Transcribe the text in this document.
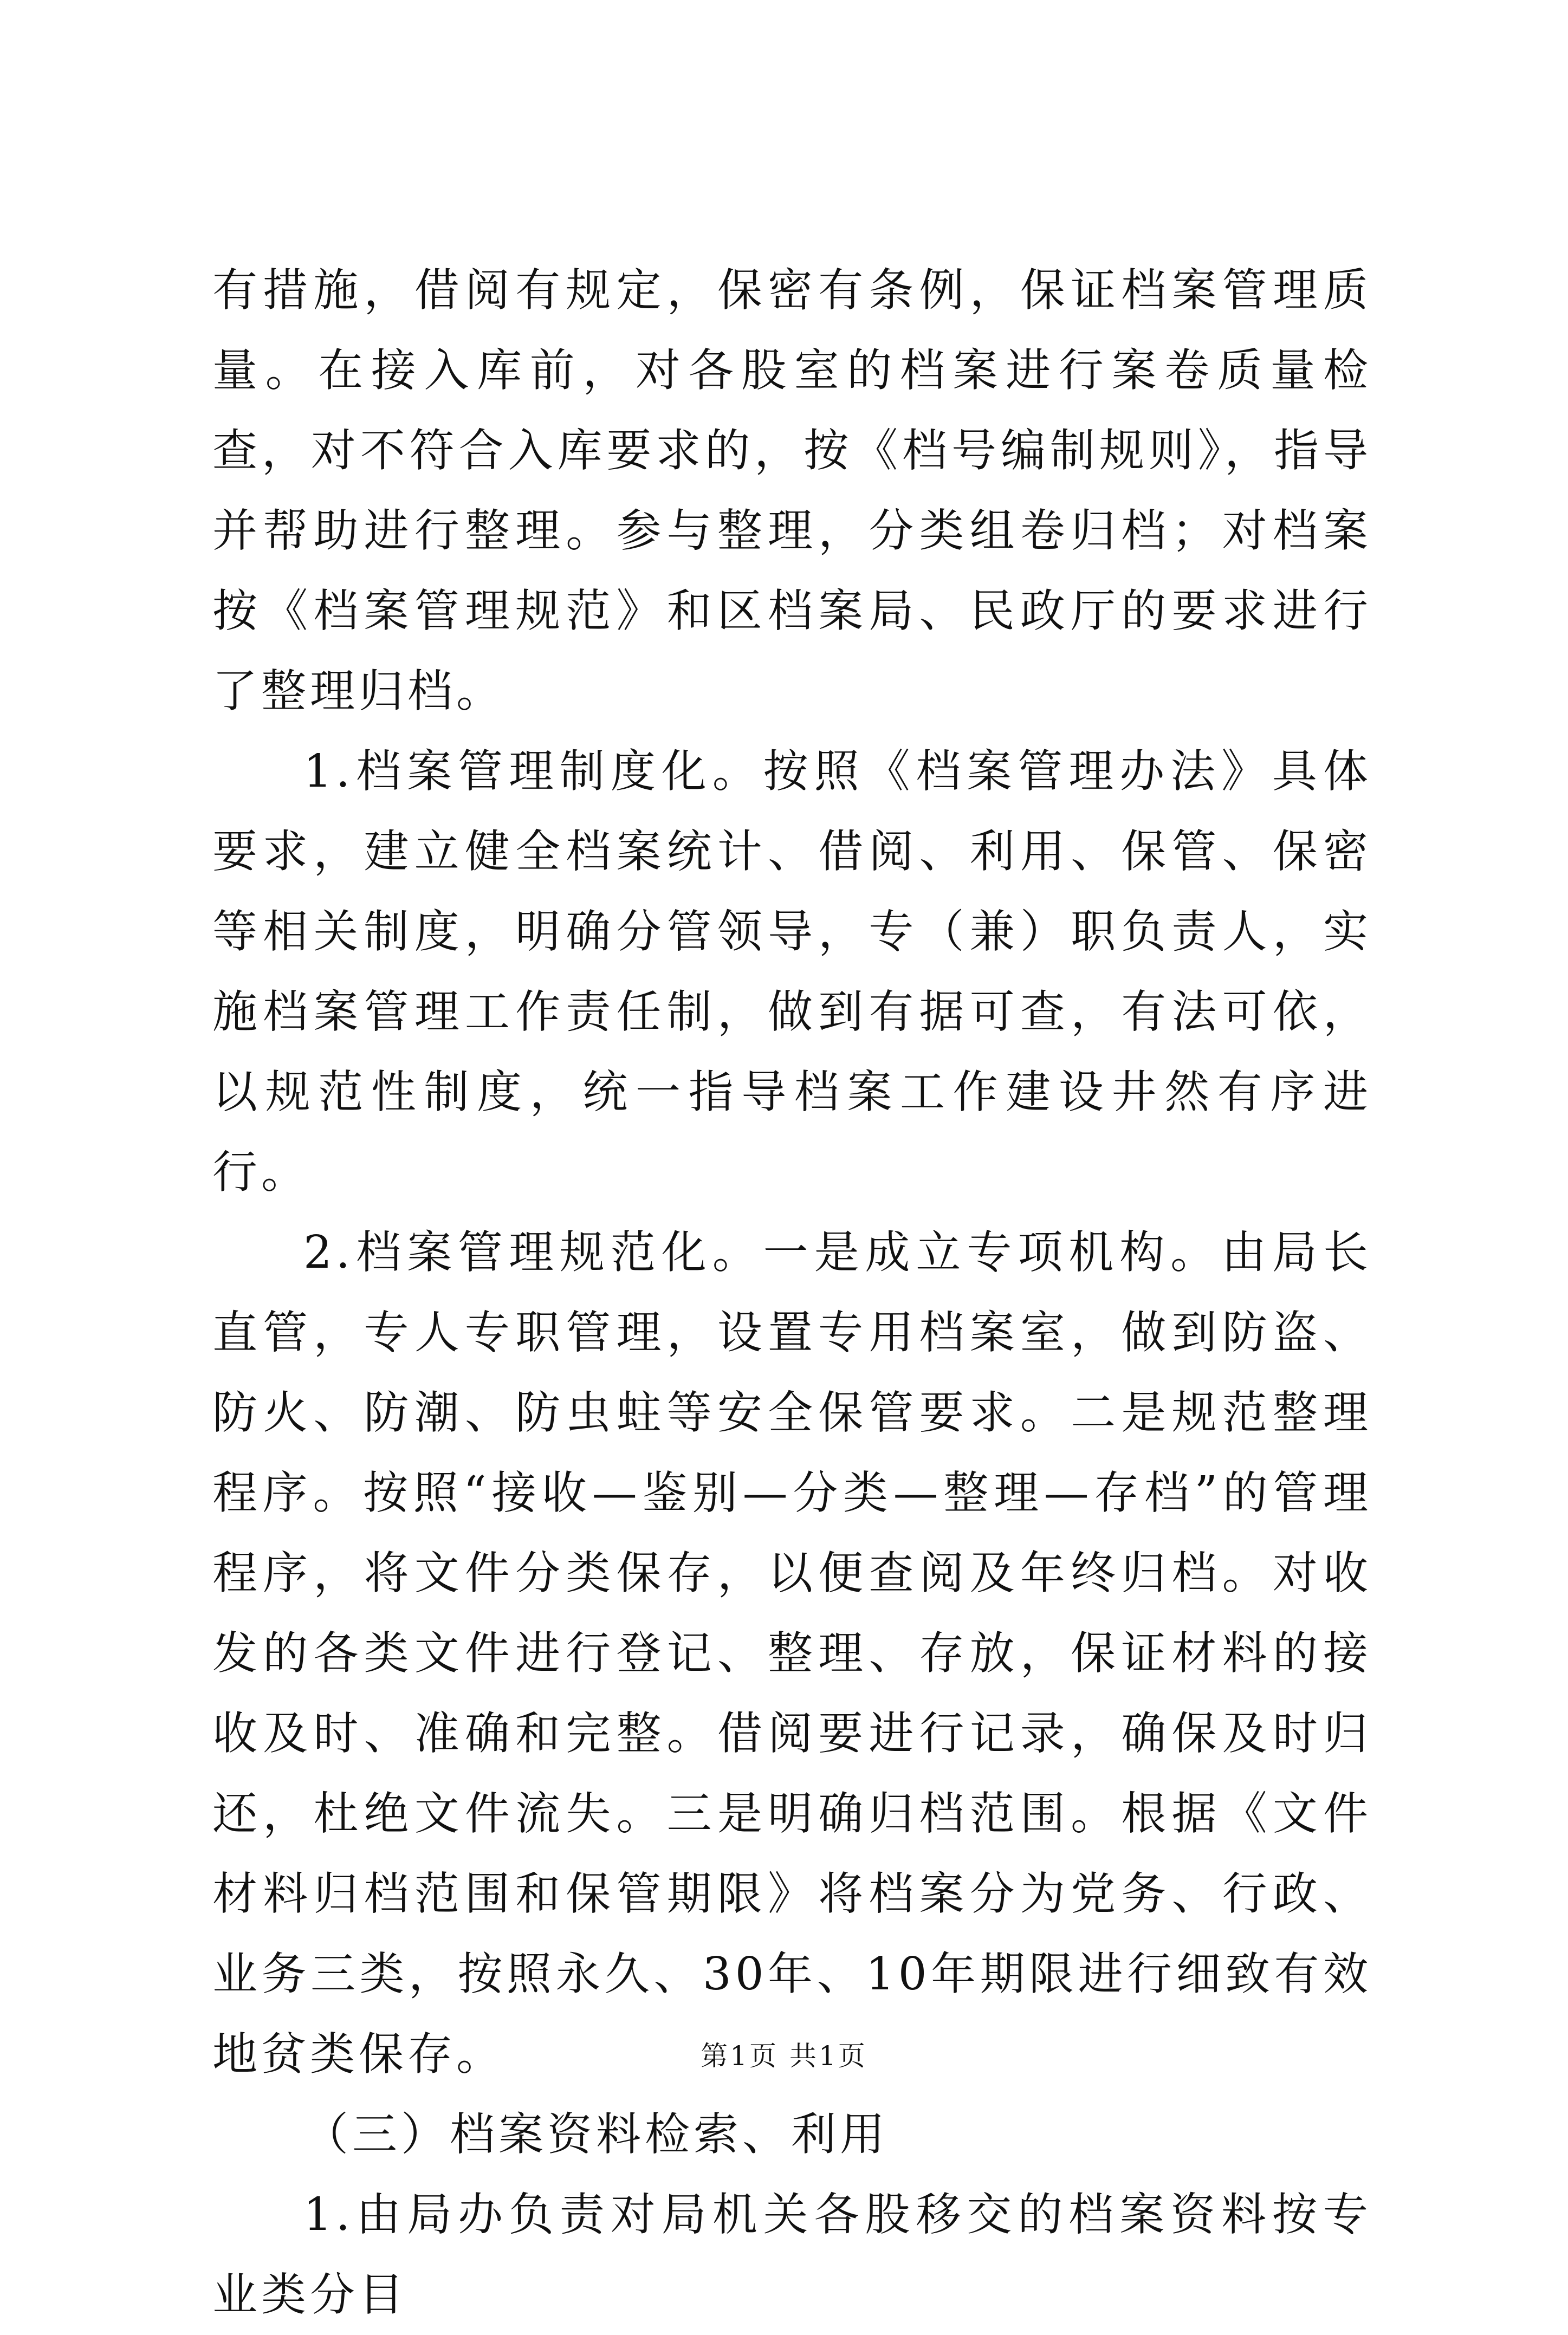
有措施，借阅有规定，保密有条例，保证档案管理质量。在接入库前，对各股室的档案进行案卷质量检查，对不符合入库要求的，按《档号编制规则》，指导并帮助进行整理。参与整理，分类组卷归档；对档案按《档案管理规范》和区档案局、民政厅的要求进行了整理归档。

1.档案管理制度化。按照《档案管理办法》具体要求，建立健全档案统计、借阅、利用、保管、保密等相关制度，明确分管领导，专（兼）职负责人，实施档案管理工作责任制，做到有据可查，有法可依，以规范性制度，统一指导档案工作建设井然有序进行。

2.档案管理规范化。一是成立专项机构。由局长直管，专人专职管理，设置专用档案室，做到防盗、防火、防潮、防虫蛀等安全保管要求。二是规范整理程序。按照“接收—鉴别—分类—整理—存档”的管理程序，将文件分类保存，以便查阅及年终归档。对收发的各类文件进行登记、整理、存放，保证材料的接收及时、准确和完整。借阅要进行记录，确保及时归还，杜绝文件流失。三是明确归档范围。根据《文件材料归档范围和保管期限》将档案分为党务、行政、业务三类，按照永久、30年、10年期限进行细致有效地贫类保存。

（三）档案资料检索、利用

1.由局办负责对局机关各股移交的档案资料按专业类分目

第1页 共1页
